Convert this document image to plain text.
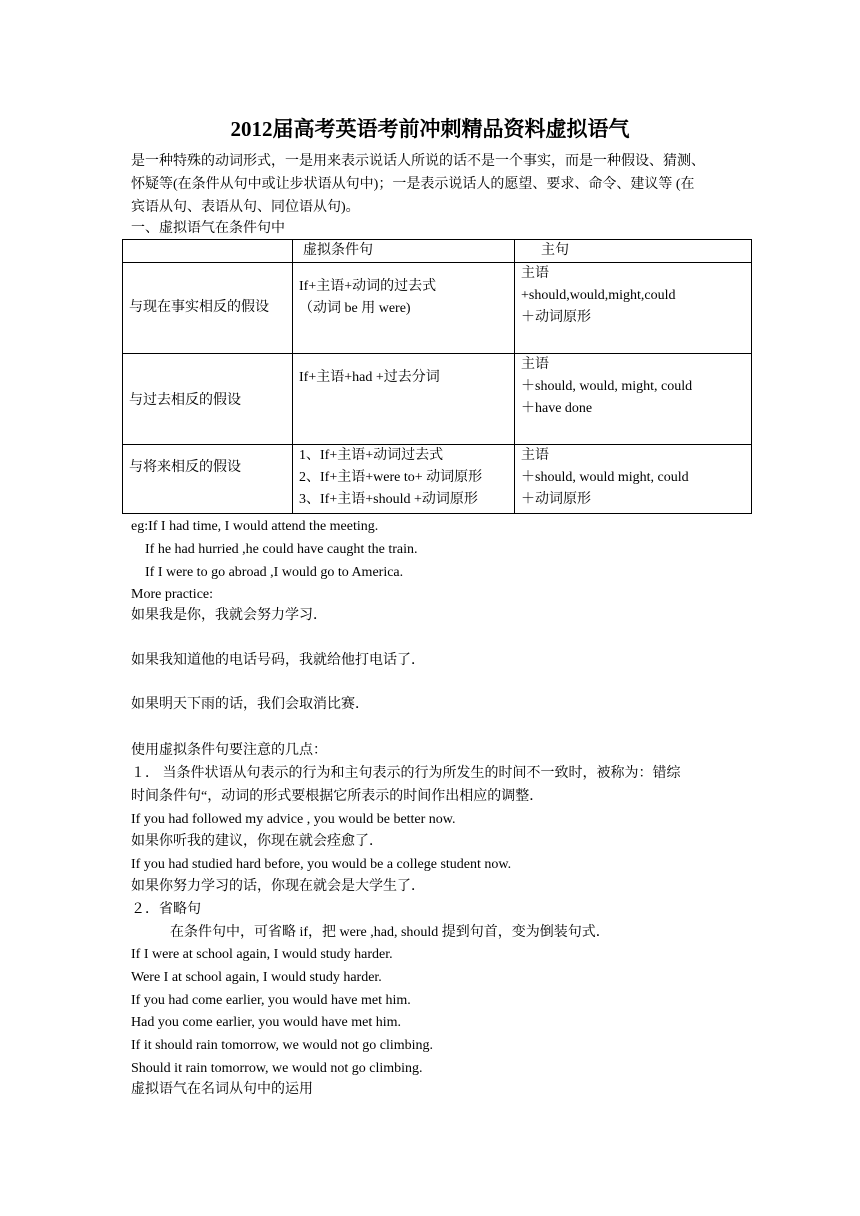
2012届高考英语考前冲刺精品资料虚拟语气
是一种特殊的动词形式，一是用来表示说话人所说的话不是一个事实，而是一种假设、猜测、
怀疑等(在条件从句中或让步状语从句中)；一是表示说话人的愿望、要求、命令、建议等 (在
宾语从句、表语从句、同位语从句)。
一、虚拟语气在条件句中
	虚拟条件句	主句
与现在事实相反的假设	If+主语+动词的过去式
（动词 be 用 were)	主语
+should,would,might,could
＋动词原形

与过去相反的假设	If+主语+had +过去分词	主语
＋should, would, might, could
＋have done

与将来相反的假设	1、If+主语+动词过去式
2、If+主语+were to+ 动词原形
3、If+主语+should +动词原形	主语
＋should, would might, could
＋动词原形
eg:If I had time, I would attend the meeting.
If he had hurried ,he could have caught the train.
If I were to go abroad ,I would go to America.
More practice:
如果我是你，我就会努力学习．
如果我知道他的电话号码，我就给他打电话了．
如果明天下雨的话，我们会取消比赛．
使用虚拟条件句要注意的几点：
１． 当条件状语从句表示的行为和主句表示的行为所发生的时间不一致时，被称为：错综
时间条件句“，动词的形式要根据它所表示的时间作出相应的调整．
If you had followed my advice , you would be better now.
如果你听我的建议，你现在就会痊愈了．
If you had studied hard before, you would be a college student now.
如果你努力学习的话，你现在就会是大学生了．
２．省略句
在条件句中，可省略 if，把 were ,had, should 提到句首，变为倒装句式．
If I were at school again, I would study harder.
Were I at school again, I would study harder.
If you had come earlier, you would have met him.
Had you come earlier, you would have met him.
If it should rain tomorrow, we would not go climbing.
Should it rain tomorrow, we would not go climbing.
虚拟语气在名词从句中的运用
